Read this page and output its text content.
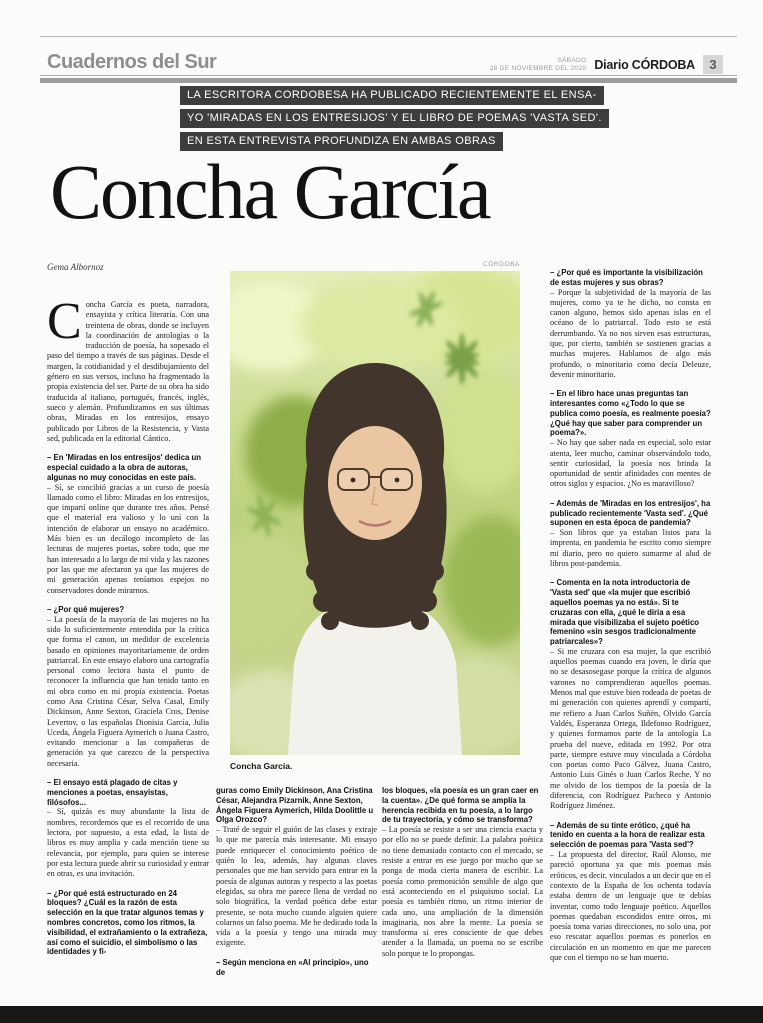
Cuadernos del Sur	SÁBADO
28 DE NOVIEMBRE DEL 2020 Diario CÓRDOBA	3
LA ESCRITORA CORDOBESA HA PUBLICADO RECIENTEMENTE EL ENSA-
YO 'MIRADAS EN LOS ENTRESIJOS' Y EL LIBRO DE POEMAS 'VASTA SED'.
EN ESTA ENTREVISTA PROFUNDIZA EN AMBAS OBRAS
Concha García
Gema Albornoz	CÓRDOBA
Concha García.

Concha García es poeta, narradora, ensayista y crítica literaria. Con una treintena de obras, donde se incluyen la coordinación de antologías o la traducción de poesía, ha sopesado el paso del tiempo a través de sus páginas. Desde el margen, la cotidianidad y el desdibujamiento del género en sus versos, incluso ha fragmentado la propia existencia del ser. Parte de su obra ha sido traducida al italiano, portugués, francés, inglés, sueco y alemán. Profundizamos en sus últimas obras, Miradas en los entresijos, ensayo publicado por Libros de la Resistencia, y Vasta sed, publicada en la editorial Cántico.

– En 'Miradas en los entresijos' dedica un especial cuidado a la obra de autoras, algunas no muy conocidas en este país.

– Sí, se concibió gracias a un curso de poesía llamado como el libro: Miradas en los entresijos, que impartí online que durante tres años. Pensé que el material era valioso y lo uní con la intención de elaborar un ensayo no académico. Más bien es un decálogo incompleto de las lecturas de mujeres poetas, sobre todo, que me han interesado a lo largo de mi vida y las razones por las que me afectaron ya que las mujeres de mi generación apenas teníamos espejos no conservadores donde mirarnos.

– ¿Por qué mujeres?

– La poesía de la mayoría de las mujeres no ha sido lo suficientemente entendida por la crítica que forma el canon, un medidor de excelencia basado en opiniones mayoritariamente de orden patriarcal. En este ensayo elaboro una cartografía personal como lectora hasta el punto de reconocer la influencia que han tenido tanto en mi obra como en mi propia existencia. Poetas como Ana Cristina César, Selva Casal, Emily Dickinson, Anne Sexton, Graciela Cros, Denise Levertov, o las españolas Dionisia García, Julia Uceda, Ángela Figuera Aymerich o Juana Castro, evitando mencionar a las compañeras de generación ya que carezco de la perspectiva necesaria.

– El ensayo está plagado de citas y menciones a poetas, ensayistas, filósofos...

– Sí, quizás es muy abundante la lista de nombres, recordemos que es el recorrido de una lectora, por supuesto, a esta edad, la lista de libros es muy amplia y cada mención tiene su relevancia, por ejemplo, para quien se interese por esta lectura puede abrir su curiosidad y entrar en otras, es una invitación.

– ¿Por qué está estructurado en 24 bloques? ¿Cuál es la razón de esta selección en la que tratar algunos temas y nombres concretos, como los ritmos, la visibilidad, el extrañamiento o la extrañeza, así como el suicidio, el simbolismo o las identidades y fi-

guras como Emily Dickinson, Ana Cristina César, Alejandra Pizarnik, Anne Sexton, Ángela Figuera Aymerich, Hilda Doolittle u Olga Orozco?

– Traté de seguir el guión de las clases y extraje lo que me parecía más interesante. Mi ensayo puede enriquecer el conocimiento poético de quién lo lea, además, hay algunas claves personales que me han servido para entrar en la poesía de algunas autoras y respecto a las poetas elegidas, su obra me parece llena de verdad no solo biográfica, la verdad poética debe estar presente, se nota mucho cuando alguien quiere colarnos un falso poema. Me he dedicado toda la vida a la poesía y tengo una mirada muy exigente.

– Según menciona en «Al principio», uno de

los bloques, «la poesía es un gran caer en la cuenta». ¿De qué forma se amplía la herencia recibida en tu poesía, a lo largo de tu trayectoria, y cómo se transforma?

– La poesía se resiste a ser una ciencia exacta y por ello no se puede definir. La palabra poética no tiene demasiado contacto con el mercado, se resiste a entrar en ese juego por mucho que se ponga de moda cierta manera de escribir. La poesía como premonición sensible de algo que está aconteciendo en el psiquismo social. La poesía es también ritmo, un ritmo interior de cada uno, una ampliación de la dimensión imaginaria, nos abre la mente. La poesía se transforma si eres consciente de que debes atender a la llamada, un poema no se escribe solo porque te lo propongas.

– ¿Por qué es importante la visibilización de estas mujeres y sus obras?

– Porque la subjetividad de la mayoría de las mujeres, como ya te he dicho, no consta en canon alguno, hemos sido apenas islas en el océano de lo patriarcal. Todo esto se está derrumbando. Ya no nos sirven esas estructuras, que, por cierto, también se sostienen gracias a muchas mujeres. Hablamos de algo más profundo, o minoritario como decía Deleuze, devenir minoritario.

– En el libro hace unas preguntas tan interesantes como «¿Todo lo que se publica como poesía, es realmente poesía? ¿Qué hay que saber para comprender un poema?».

– No hay que saber nada en especial, solo estar atenta, leer mucho, caminar observándolo todo, sentir curiosidad, la poesía nos brinda la oportunidad de sentir afinidades con mentes de otros siglos y espacios. ¿No es maravilloso?

– Además de 'Miradas en los entresijos', ha publicado recientemente 'Vasta sed'. ¿Qué suponen en esta época de pandemia?

– Son libros que ya estaban listos para la imprenta, en pandemia he escrito como siempre mi diario, pero no quiero sumarme al alud de libros post-pandemia.

– Comenta en la nota introductoria de 'Vasta sed' que «la mujer que escribió aquellos poemas ya no está». Si te cruzaras con ella, ¿qué le diría a esa mirada que visibilizaba el sujeto poético femenino «sin sesgos tradicionalmente patriarcales»?

– Si me cruzara con esa mujer, la que escribió aquellos poemas cuando era joven, le diría que no se desasosegase porque la crítica de algunos varones no comprendieran aquellos poemas. Menos mal que estuve bien rodeada de poetas de mi generación con quienes aprendí y compartí, me refiero a Juan Carlos Suñén, Olvido García Valdés, Esperanza Ortega, Ildefonso Rodríguez, y quienes formamos parte de la antología La prueba del nueve, editada en 1992. Por otra parte, siempre estuve muy vinculada a Córdoba con poetas como Paco Gálvez, Juana Castro, Antonio Luis Ginés o Juan Carlos Reche. Y no me olvido de los tiempos de la poesía de la diferencia, con Rodríguez Pacheco y Antonio Rodríguez Jiménez.

– Además de su tinte erótico, ¿qué ha tenido en cuenta a la hora de realizar esta selección de poemas para 'Vasta sed'?

– La propuesta del director, Raúl Alonso, me pareció oportuna ya que mis poemas más eróticos, es decir, vinculados a un decir que en el contexto de la España de los ochenta todavía estaba dentro de un lenguaje que te debías inventar, como todo lenguaje poético. Aquellos poemas quedaban escondidos entre otros, mi poesía toma varias direcciones, no solo una, por eso rescatar aquellos poemas es ponerlos en circulación en un momento en que me parecen que con el tiempo no se han muerto.
